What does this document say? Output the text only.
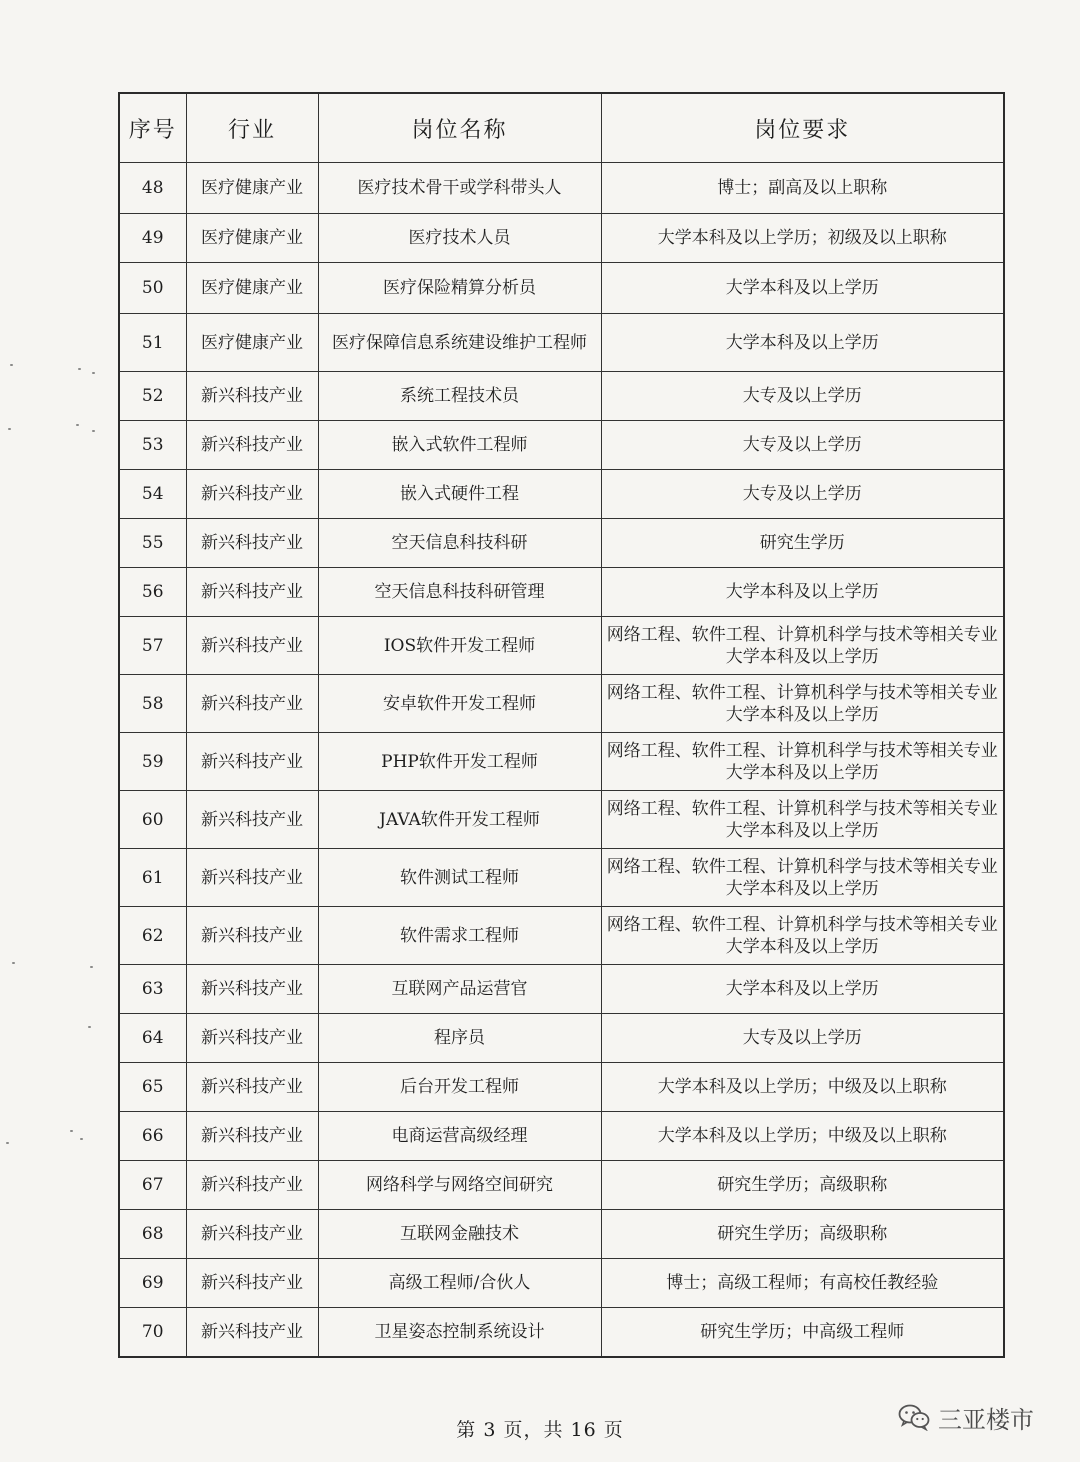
序号	行业	岗位名称	岗位要求
48	医疗健康产业	医疗技术骨干或学科带头人	博士；副高及以上职称
49	医疗健康产业	医疗技术人员	大学本科及以上学历；初级及以上职称
50	医疗健康产业	医疗保险精算分析员	大学本科及以上学历
51	医疗健康产业	医疗保障信息系统建设维护工程师	大学本科及以上学历
52	新兴科技产业	系统工程技术员	大专及以上学历
53	新兴科技产业	嵌入式软件工程师	大专及以上学历
54	新兴科技产业	嵌入式硬件工程	大专及以上学历
55	新兴科技产业	空天信息科技科研	研究生学历
56	新兴科技产业	空天信息科技科研管理	大学本科及以上学历
57	新兴科技产业	IOS软件开发工程师	网络工程、软件工程、计算机科学与技术等相关专业大学本科及以上学历
58	新兴科技产业	安卓软件开发工程师	网络工程、软件工程、计算机科学与技术等相关专业大学本科及以上学历
59	新兴科技产业	PHP软件开发工程师	网络工程、软件工程、计算机科学与技术等相关专业大学本科及以上学历
60	新兴科技产业	JAVA软件开发工程师	网络工程、软件工程、计算机科学与技术等相关专业大学本科及以上学历
61	新兴科技产业	软件测试工程师	网络工程、软件工程、计算机科学与技术等相关专业大学本科及以上学历
62	新兴科技产业	软件需求工程师	网络工程、软件工程、计算机科学与技术等相关专业大学本科及以上学历
63	新兴科技产业	互联网产品运营官	大学本科及以上学历
64	新兴科技产业	程序员	大专及以上学历
65	新兴科技产业	后台开发工程师	大学本科及以上学历；中级及以上职称
66	新兴科技产业	电商运营高级经理	大学本科及以上学历；中级及以上职称
67	新兴科技产业	网络科学与网络空间研究	研究生学历；高级职称
68	新兴科技产业	互联网金融技术	研究生学历；高级职称
69	新兴科技产业	高级工程师/合伙人	博士；高级工程师；有高校任教经验
70	新兴科技产业	卫星姿态控制系统设计	研究生学历；中高级工程师
第 3 页，共 16 页	三亚楼市
